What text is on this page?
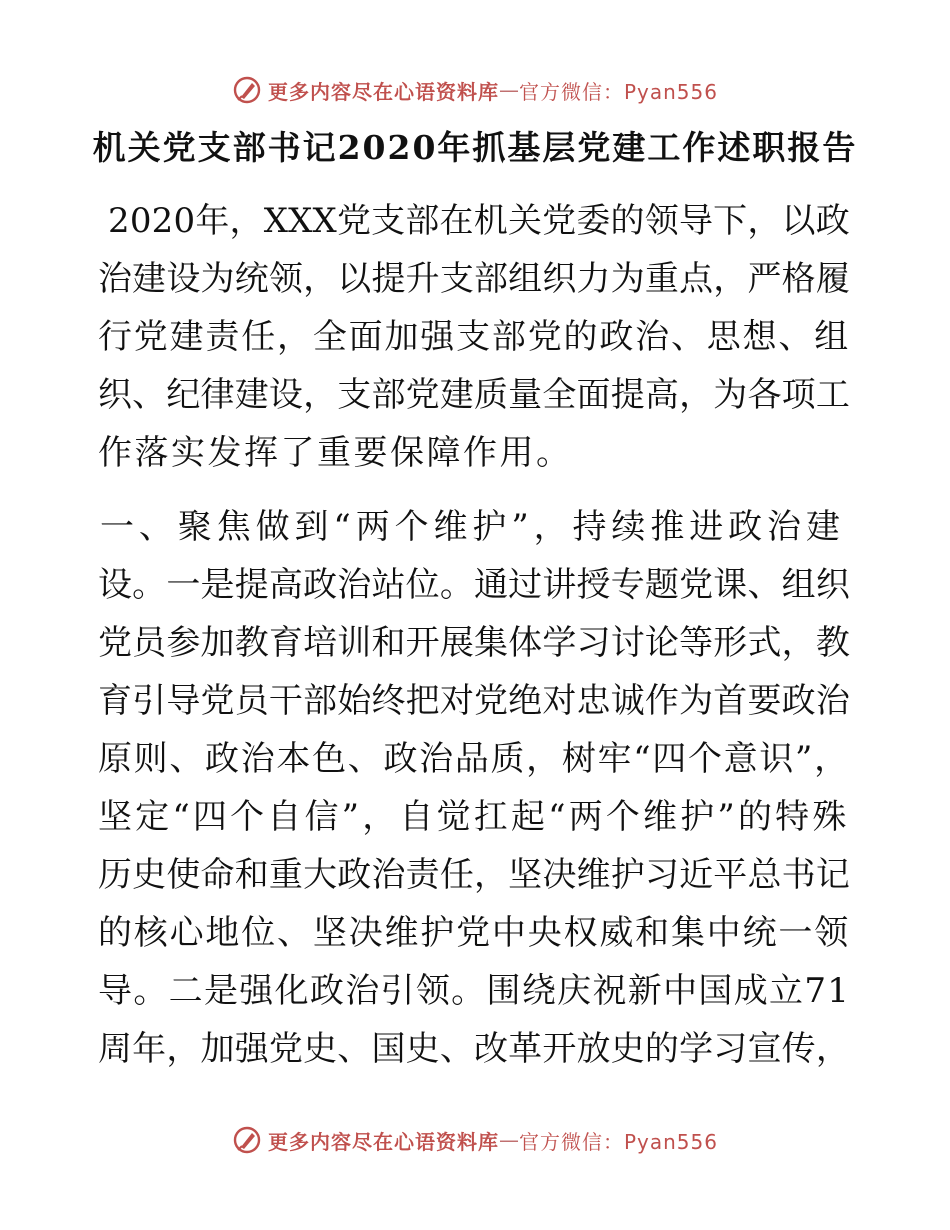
更多内容尽在心语资料库 — 官方微信：Pyan556
机关党支部书记2020年抓基层党建工作述职报告
2020年，XXX党支部在机关党委的领导下，以政
治建设为统领，以提升支部组织力为重点，严格履
行党建责任，全面加强支部党的政治、思想、组
织、纪律建设，支部党建质量全面提高，为各项工
作落实发挥了重要保障作用。
一、聚焦做到“两个维护”，持续推进政治建
设。一是提高政治站位。通过讲授专题党课、组织
党员参加教育培训和开展集体学习讨论等形式，教
育引导党员干部始终把对党绝对忠诚作为首要政治
原则、政治本色、政治品质，树牢“四个意识”，
坚定“四个自信”，自觉扛起“两个维护”的特殊
历史使命和重大政治责任，坚决维护习近平总书记
的核心地位、坚决维护党中央权威和集中统一领
导。二是强化政治引领。围绕庆祝新中国成立71
周年，加强党史、国史、改革开放史的学习宣传，
更多内容尽在心语资料库 — 官方微信：Pyan556
